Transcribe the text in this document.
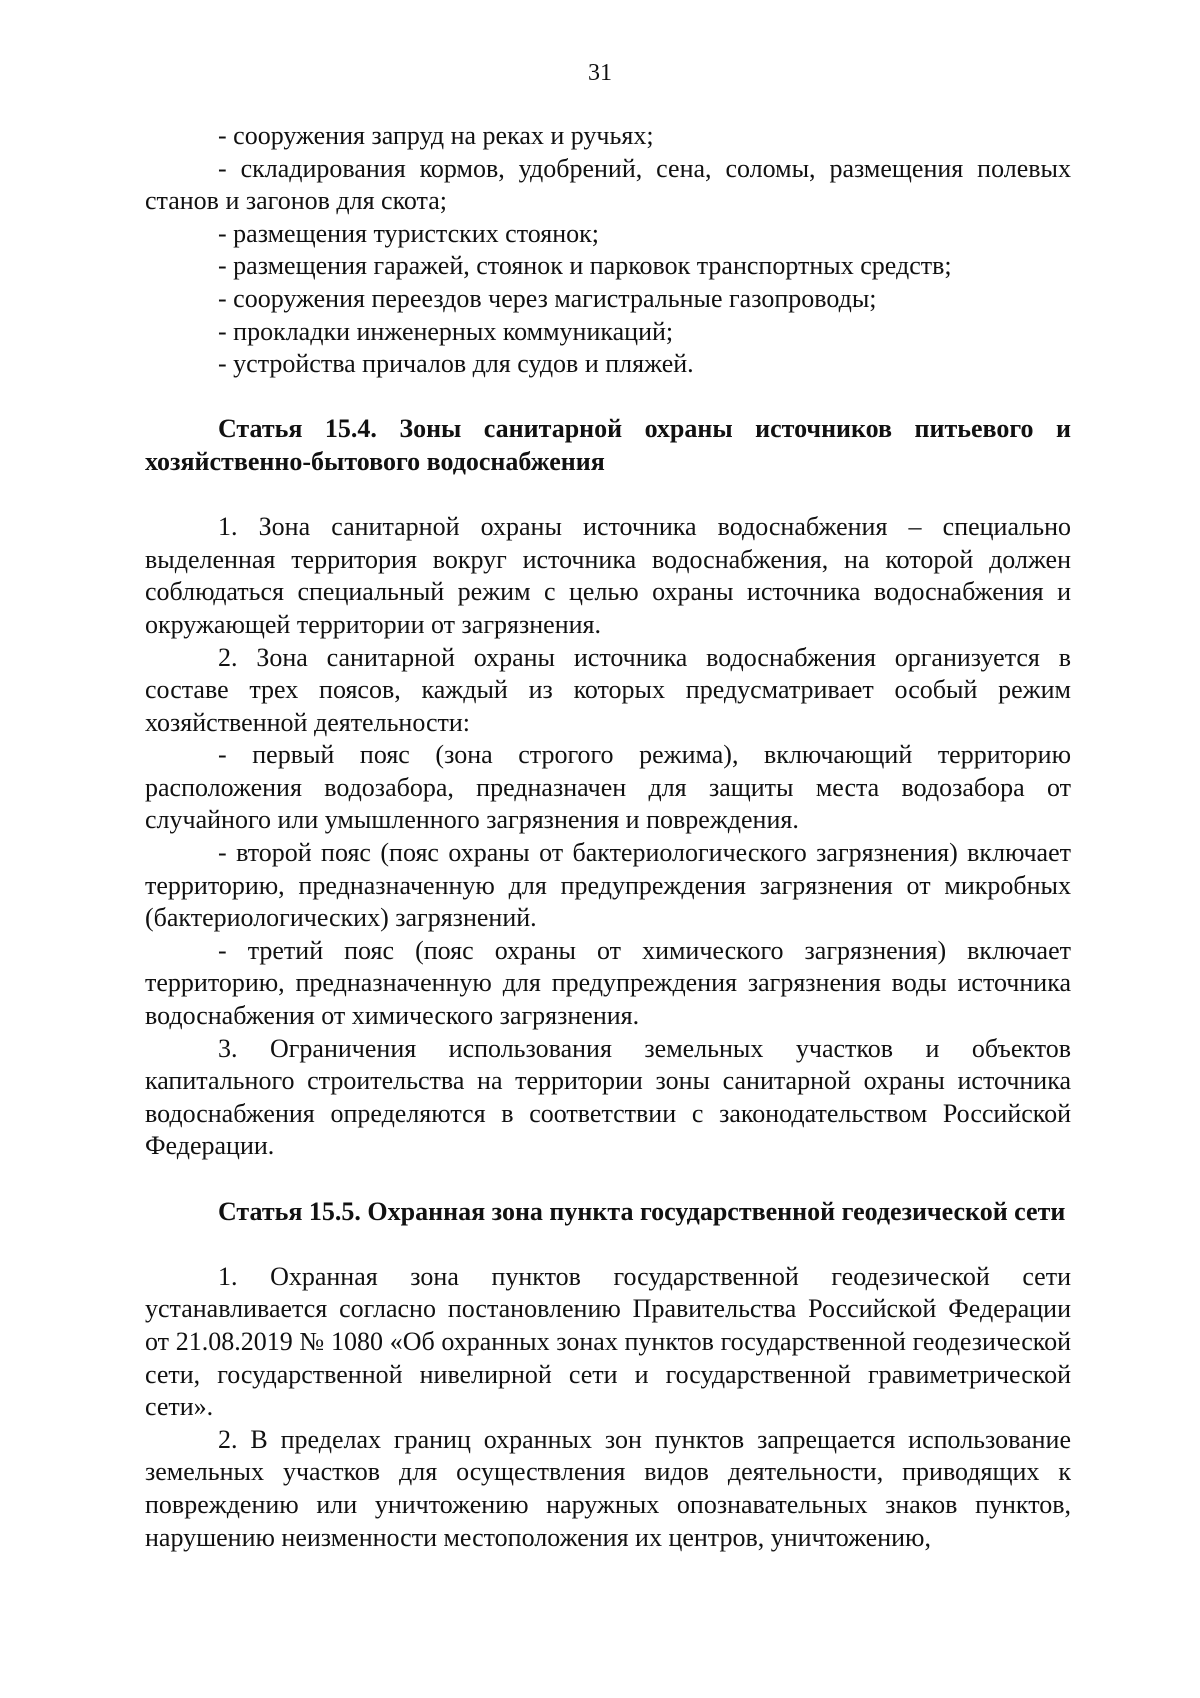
31

- сооружения запруд на реках и ручьях;

- складирования кормов, удобрений, сена, соломы, размещения полевых станов и загонов для скота;

- размещения туристских стоянок;

- размещения гаражей, стоянок и парковок транспортных средств;

- сооружения переездов через магистральные газопроводы;

- прокладки инженерных коммуникаций;

- устройства причалов для судов и пляжей.

Статья 15.4. Зоны санитарной охраны источников питьевого и хозяйственно-бытового водоснабжения

1. Зона санитарной охраны источника водоснабжения – специально выделенная территория вокруг источника водоснабжения, на которой должен соблюдаться специальный режим с целью охраны источника водоснабжения и окружающей территории от загрязнения.

2. Зона санитарной охраны источника водоснабжения организуется в составе трех поясов, каждый из которых предусматривает особый режим хозяйственной деятельности:

- первый пояс (зона строгого режима), включающий территорию расположения водозабора, предназначен для защиты места водозабора от случайного или умышленного загрязнения и повреждения.

- второй пояс (пояс охраны от бактериологического загрязнения) включает территорию, предназначенную для предупреждения загрязнения от микробных (бактериологических) загрязнений.

- третий пояс (пояс охраны от химического загрязнения) включает территорию, предназначенную для предупреждения загрязнения воды источника водоснабжения от химического загрязнения.

3. Ограничения использования земельных участков и объектов капитального строительства на территории зоны санитарной охраны источника водоснабжения определяются в соответствии с законодательством Российской Федерации.

Статья 15.5. Охранная зона пункта государственной геодезической сети

1. Охранная зона пунктов государственной геодезической сети устанавливается согласно постановлению Правительства Российской Федерации от 21.08.2019 № 1080 «Об охранных зонах пунктов государственной геодезической сети, государственной нивелирной сети и государственной гравиметрической сети».

2. В пределах границ охранных зон пунктов запрещается использование земельных участков для осуществления видов деятельности, приводящих к повреждению или уничтожению наружных опознавательных знаков пунктов, нарушению неизменности местоположения их центров, уничтожению,
